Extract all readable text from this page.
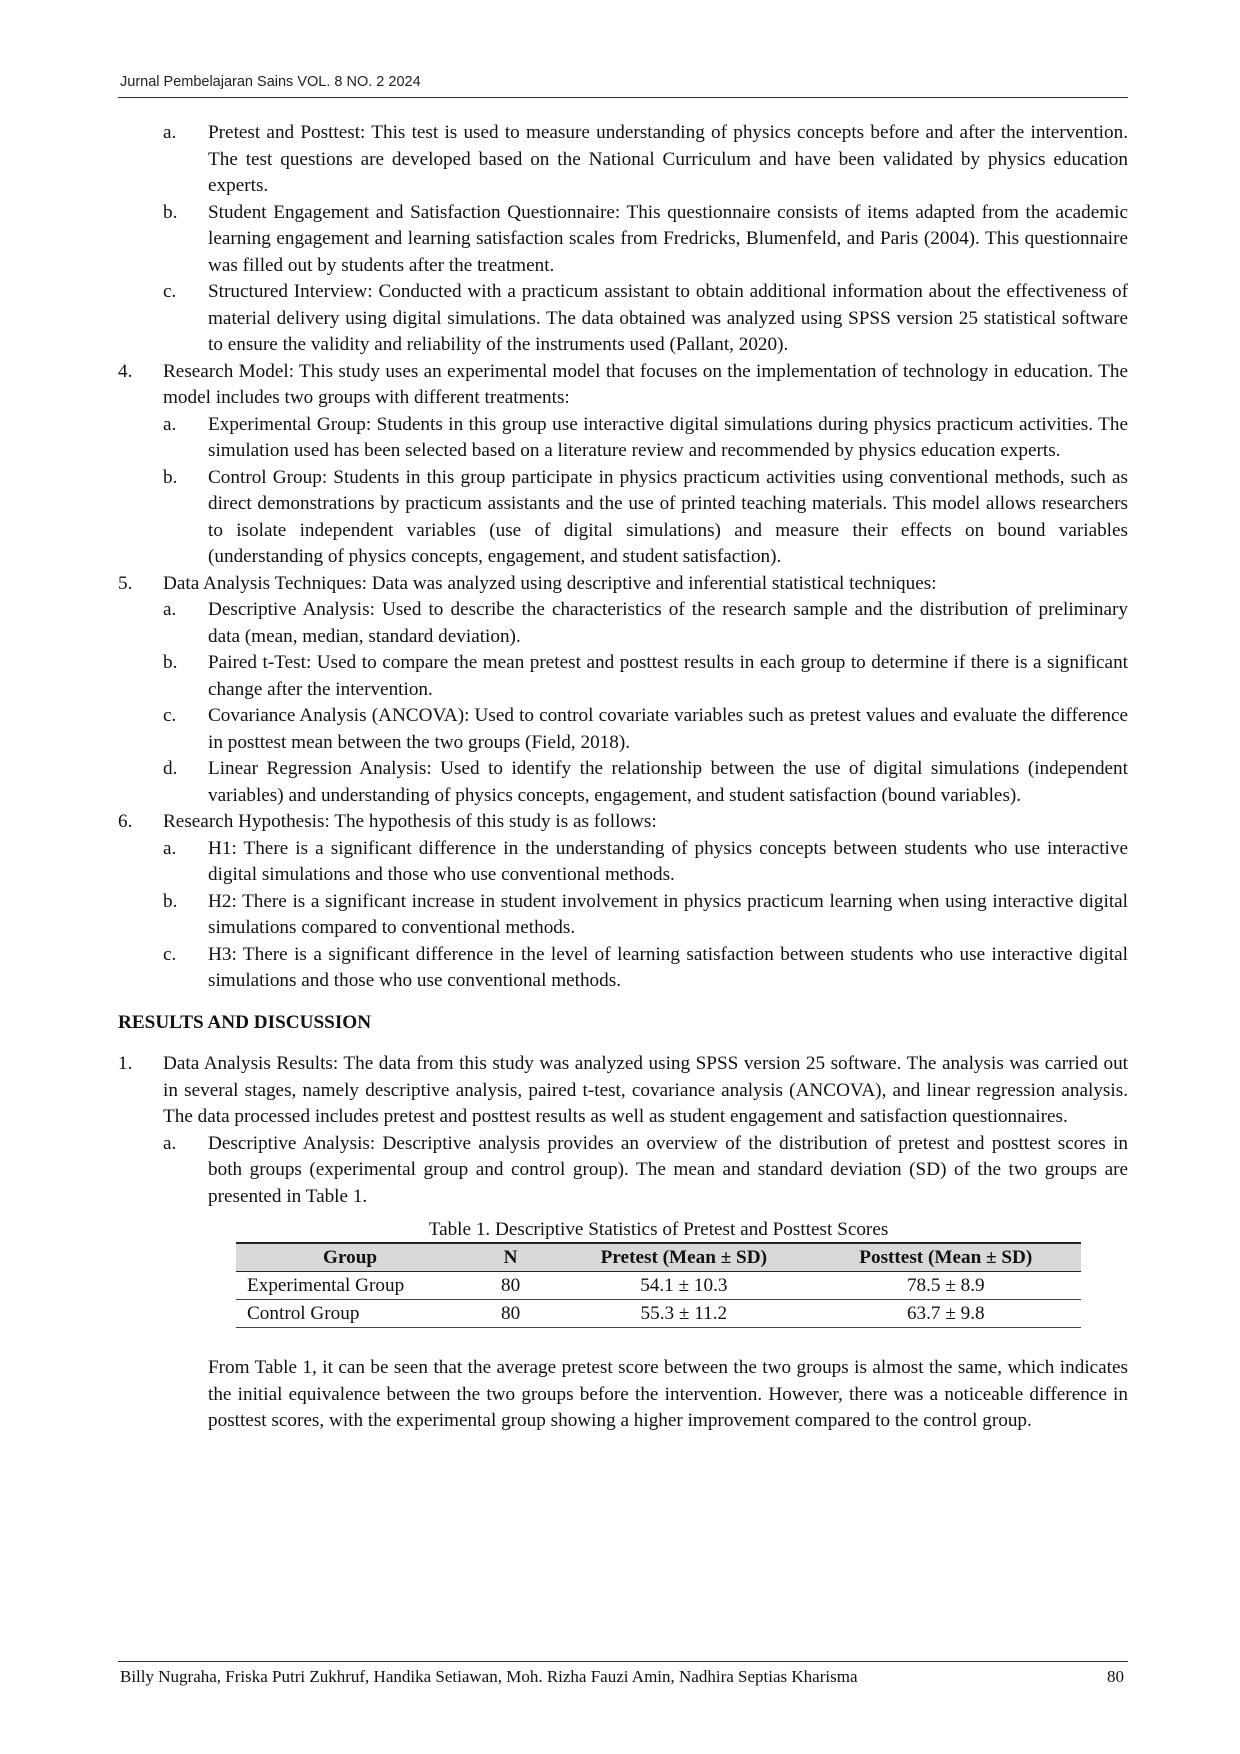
Jurnal Pembelajaran Sains VOL. 8 NO. 2 2024
a.	Pretest and Posttest: This test is used to measure understanding of physics concepts before and after the intervention. The test questions are developed based on the National Curriculum and have been validated by physics education experts.
b.	Student Engagement and Satisfaction Questionnaire: This questionnaire consists of items adapted from the academic learning engagement and learning satisfaction scales from Fredricks, Blumenfeld, and Paris (2004). This questionnaire was filled out by students after the treatment.
c.	Structured Interview: Conducted with a practicum assistant to obtain additional information about the effectiveness of material delivery using digital simulations. The data obtained was analyzed using SPSS version 25 statistical software to ensure the validity and reliability of the instruments used (Pallant, 2020).
4.	Research Model: This study uses an experimental model that focuses on the implementation of technology in education. The model includes two groups with different treatments:
a.	Experimental Group: Students in this group use interactive digital simulations during physics practicum activities. The simulation used has been selected based on a literature review and recommended by physics education experts.
b.	Control Group: Students in this group participate in physics practicum activities using conventional methods, such as direct demonstrations by practicum assistants and the use of printed teaching materials. This model allows researchers to isolate independent variables (use of digital simulations) and measure their effects on bound variables (understanding of physics concepts, engagement, and student satisfaction).
5.	Data Analysis Techniques: Data was analyzed using descriptive and inferential statistical techniques:
a.	Descriptive Analysis: Used to describe the characteristics of the research sample and the distribution of preliminary data (mean, median, standard deviation).
b.	Paired t-Test: Used to compare the mean pretest and posttest results in each group to determine if there is a significant change after the intervention.
c.	Covariance Analysis (ANCOVA): Used to control covariate variables such as pretest values and evaluate the difference in posttest mean between the two groups (Field, 2018).
d.	Linear Regression Analysis: Used to identify the relationship between the use of digital simulations (independent variables) and understanding of physics concepts, engagement, and student satisfaction (bound variables).
6.	Research Hypothesis: The hypothesis of this study is as follows:
a.	H1: There is a significant difference in the understanding of physics concepts between students who use interactive digital simulations and those who use conventional methods.
b.	H2: There is a significant increase in student involvement in physics practicum learning when using interactive digital simulations compared to conventional methods.
c.	H3: There is a significant difference in the level of learning satisfaction between students who use interactive digital simulations and those who use conventional methods.
RESULTS AND DISCUSSION
1.	Data Analysis Results: The data from this study was analyzed using SPSS version 25 software. The analysis was carried out in several stages, namely descriptive analysis, paired t-test, covariance analysis (ANCOVA), and linear regression analysis. The data processed includes pretest and posttest results as well as student engagement and satisfaction questionnaires.
a.	Descriptive Analysis: Descriptive analysis provides an overview of the distribution of pretest and posttest scores in both groups (experimental group and control group). The mean and standard deviation (SD) of the two groups are presented in Table 1.
Table 1. Descriptive Statistics of Pretest and Posttest Scores
Group	N	Pretest (Mean ± SD)	Posttest (Mean ± SD)
Experimental Group	80	54.1 ± 10.3	78.5 ± 8.9
Control Group	80	55.3 ± 11.2	63.7 ± 9.8
From Table 1, it can be seen that the average pretest score between the two groups is almost the same, which indicates the initial equivalence between the two groups before the intervention. However, there was a noticeable difference in posttest scores, with the experimental group showing a higher improvement compared to the control group.
Billy Nugraha, Friska Putri Zukhruf, Handika Setiawan, Moh. Rizha Fauzi Amin, Nadhira Septias Kharisma	80
